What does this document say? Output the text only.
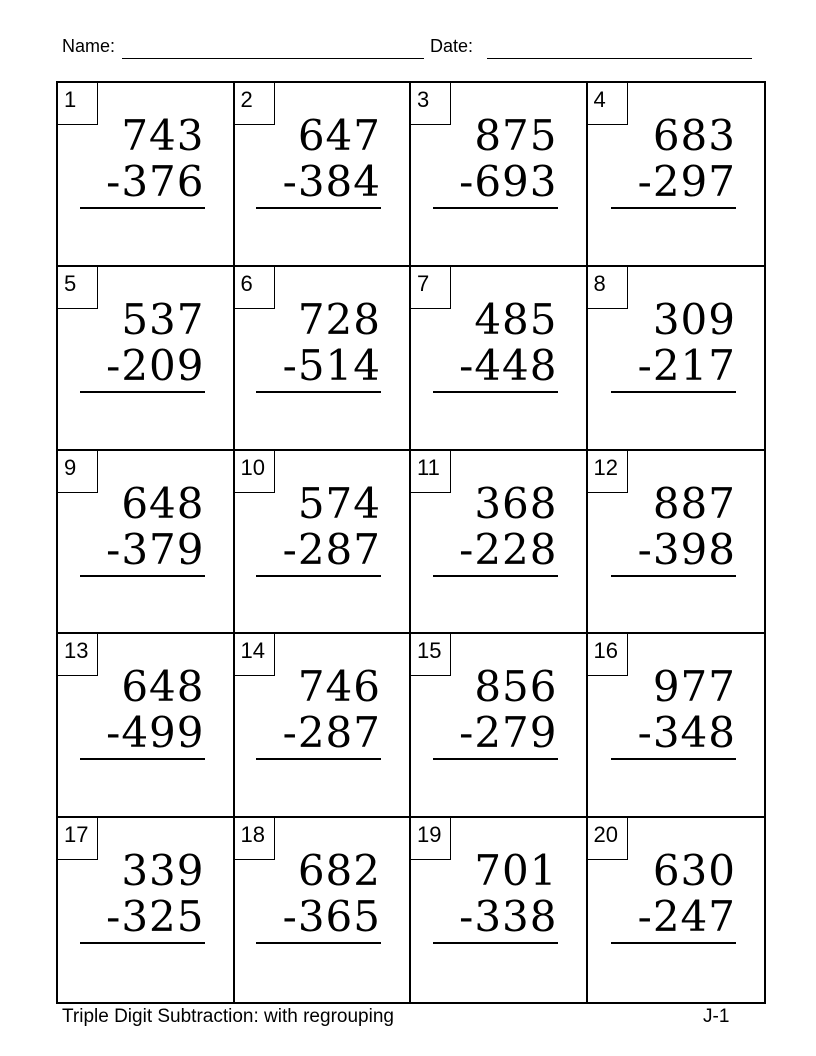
Name:	Date:
1
743
-376
2
647
-384
3
875
-693
4
683
-297
5
537
-209
6
728
-514
7
485
-448
8
309
-217
9
648
-379
10
574
-287
11
368
-228
12
887
-398
13
648
-499
14
746
-287
15
856
-279
16
977
-348
17
339
-325
18
682
-365
19
701
-338
20
630
-247
Triple Digit Subtraction: with regrouping	J-1
